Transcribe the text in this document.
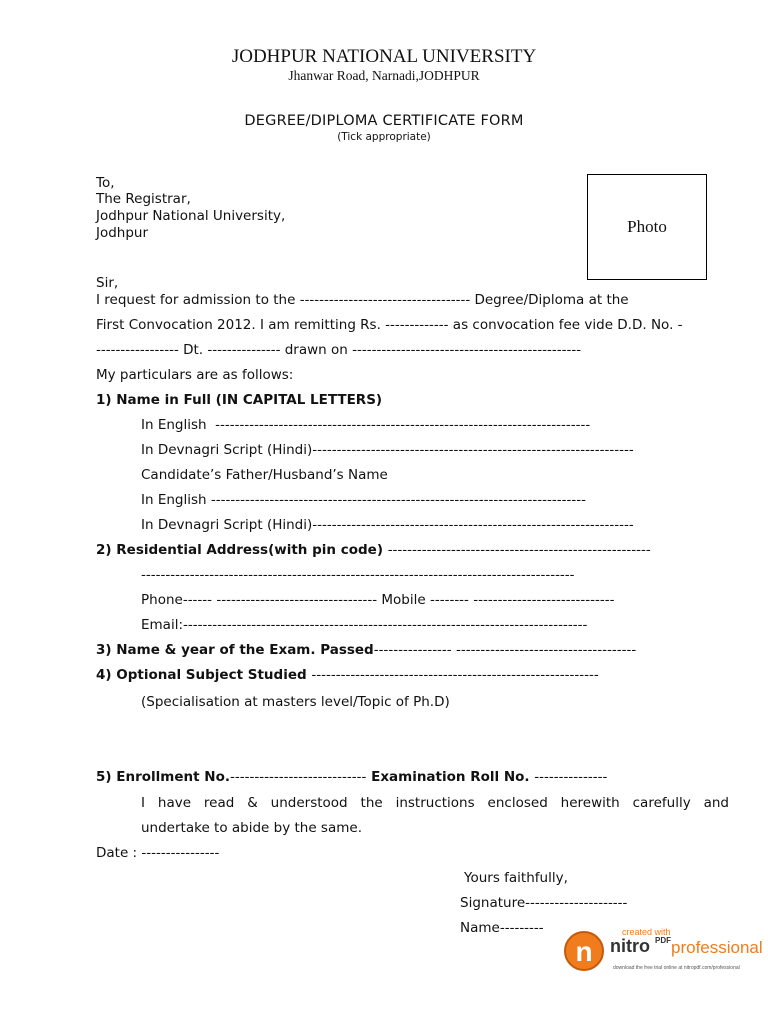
JODHPUR NATIONAL UNIVERSITY
Jhanwar Road, Narnadi,JODHPUR
DEGREE/DIPLOMA CERTIFICATE FORM
(Tick appropriate)
To,
The Registrar,
Jodhpur National University,
Jodhpur	Photo
Sir,
I request for admission to the ----------------------------------- Degree/Diploma at the
First Convocation 2012. I am remitting Rs. ------------- as convocation fee vide D.D. No. -
----------------- Dt. --------------- drawn on -----------------------------------------------
My particulars are as follows:
1) Name in Full (IN CAPITAL LETTERS)
In English  -----------------------------------------------------------------------------
In Devnagri Script (Hindi)------------------------------------------------------------------
Candidate’s Father/Husband’s Name
In English -----------------------------------------------------------------------------
In Devnagri Script (Hindi)------------------------------------------------------------------
2) Residential Address(with pin code) ------------------------------------------------------
-----------------------------------------------------------------------------------------
Phone------ --------------------------------- Mobile -------- -----------------------------
Email:-----------------------------------------------------------------------------------
3) Name & year of the Exam. Passed---------------- -------------------------------------
4) Optional Subject Studied -----------------------------------------------------------
(Specialisation at masters level/Topic of Ph.D)
5) Enrollment No.---------------------------- Examination Roll No. ---------------
I have read & understood the instructions enclosed herewith carefully and
undertake to abide by the same.
Date : ----------------
Yours faithfully,
Signature---------------------
Name---------
n
created with
nitro PDF professional
download the free trial online at nitropdf.com/professional
